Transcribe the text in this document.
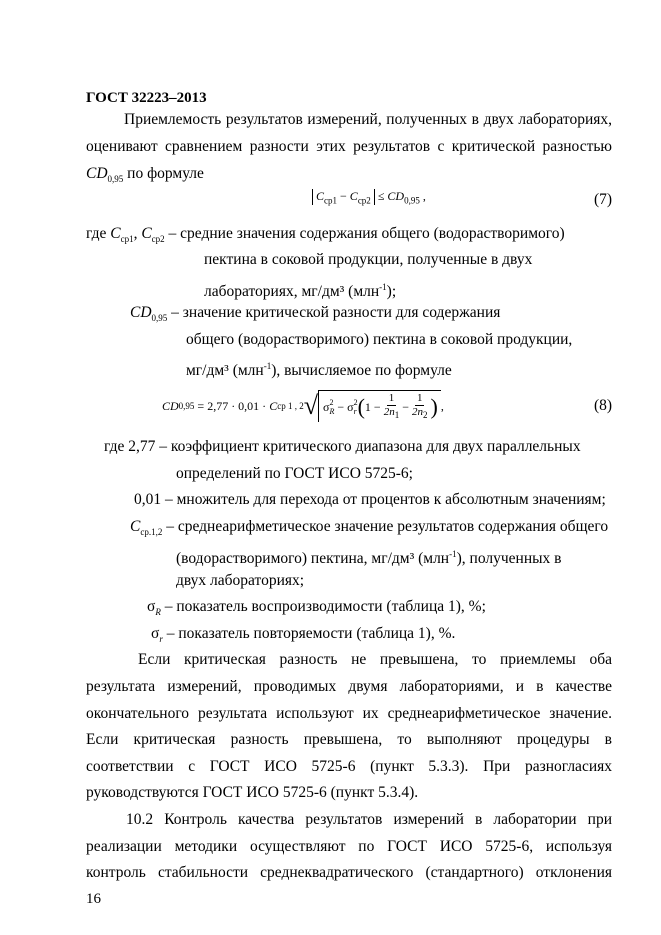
ГОСТ 32223–2013
Приемлемость результатов измерений, полученных в двух лабораториях,
оценивают сравнением разности этих результатов с критической разностью
$CD_{0,95}$ по формуле
$C_{ср1} - C_{ср2} \le CD_{0,95}$ ,	(7)
где $C_{ср1}$, $C_{ср2}$ – средние значения содержания общего (водорастворимого)
пектина в соковой продукции, полученные в двух
лабораториях, мг/дм³ (млн$^{-1}$);
$CD_{0,95}$ – значение критической разности для содержания
общего (водорастворимого) пектина в соковой продукции,
мг/дм³ (млн$^{-1}$), вычисляемое по формуле
CD 0,95 = 2,77 · 0,01 · C ср 1 , 2 √ σ 2
R − σ 2
r ( $1 - \frac{1}{2n_1} - \frac{1}{2n_2}$ ) ,	(8)
где 2,77 – коэффициент критического диапазона для двух параллельных
определений по ГОСТ ИСО 5725-6;
0,01 – множитель для перехода от процентов к абсолютным значениям;
$C_{ср.1,2}$ – среднеарифметическое значение результатов содержания общего
(водорастворимого) пектина, мг/дм³ (млн$^{-1}$), полученных в
двух лабораториях;
$\sigma_R$ – показатель воспроизводимости (таблица 1), %;
$\sigma_r$ – показатель повторяемости (таблица 1), %.
Если критическая разность не превышена, то приемлемы оба
результата измерений, проводимых двумя лабораториями, и в качестве
окончательного результата используют их среднеарифметическое значение.
Если критическая разность превышена, то выполняют процедуры в
соответствии с ГОСТ ИСО 5725-6 (пункт 5.3.3). При разногласиях
руководствуются ГОСТ ИСО 5725-6 (пункт 5.3.4).
10.2 Контроль качества результатов измерений в лаборатории при
реализации методики осуществляют по ГОСТ ИСО 5725-6, используя
контроль стабильности среднеквадратического (стандартного) отклонения
16
